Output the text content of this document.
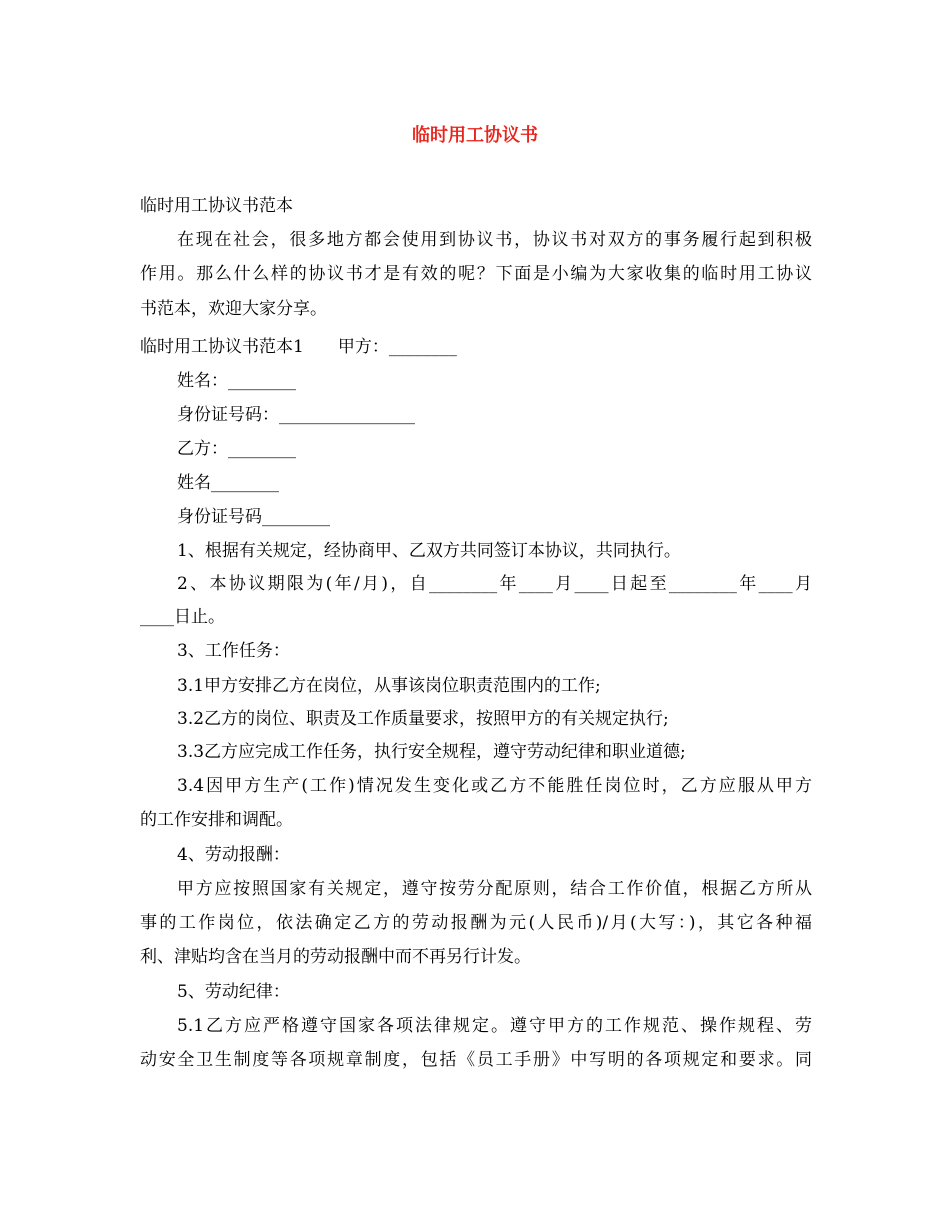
临时用工协议书
临时用工协议书范本
在现在社会，很多地方都会使用到协议书，协议书对双方的事务履行起到积极
作用。那么什么样的协议书才是有效的呢？下面是小编为大家收集的临时用工协议
书范本，欢迎大家分享。
临时用工协议书范本1　　甲方：________
姓名：________
身份证号码：________________
乙方：________
姓名________
身份证号码________
1、根据有关规定，经协商甲、乙双方共同签订本协议，共同执行。
2、本协议期限为(年/月)，自________年____月____日起至________年____月
____日止。
3、工作任务：
3.1甲方安排乙方在岗位，从事该岗位职责范围内的工作;
3.2乙方的岗位、职责及工作质量要求，按照甲方的有关规定执行;
3.3乙方应完成工作任务，执行安全规程，遵守劳动纪律和职业道德;
3.4因甲方生产(工作)情况发生变化或乙方不能胜任岗位时，乙方应服从甲方
的工作安排和调配。
4、劳动报酬：
甲方应按照国家有关规定，遵守按劳分配原则，结合工作价值，根据乙方所从
事的工作岗位，依法确定乙方的劳动报酬为元(人民币)/月(大写：)，其它各种福
利、津贴均含在当月的劳动报酬中而不再另行计发。
5、劳动纪律：
5.1乙方应严格遵守国家各项法律规定。遵守甲方的工作规范、操作规程、劳
动安全卫生制度等各项规章制度，包括《员工手册》中写明的各项规定和要求。同
